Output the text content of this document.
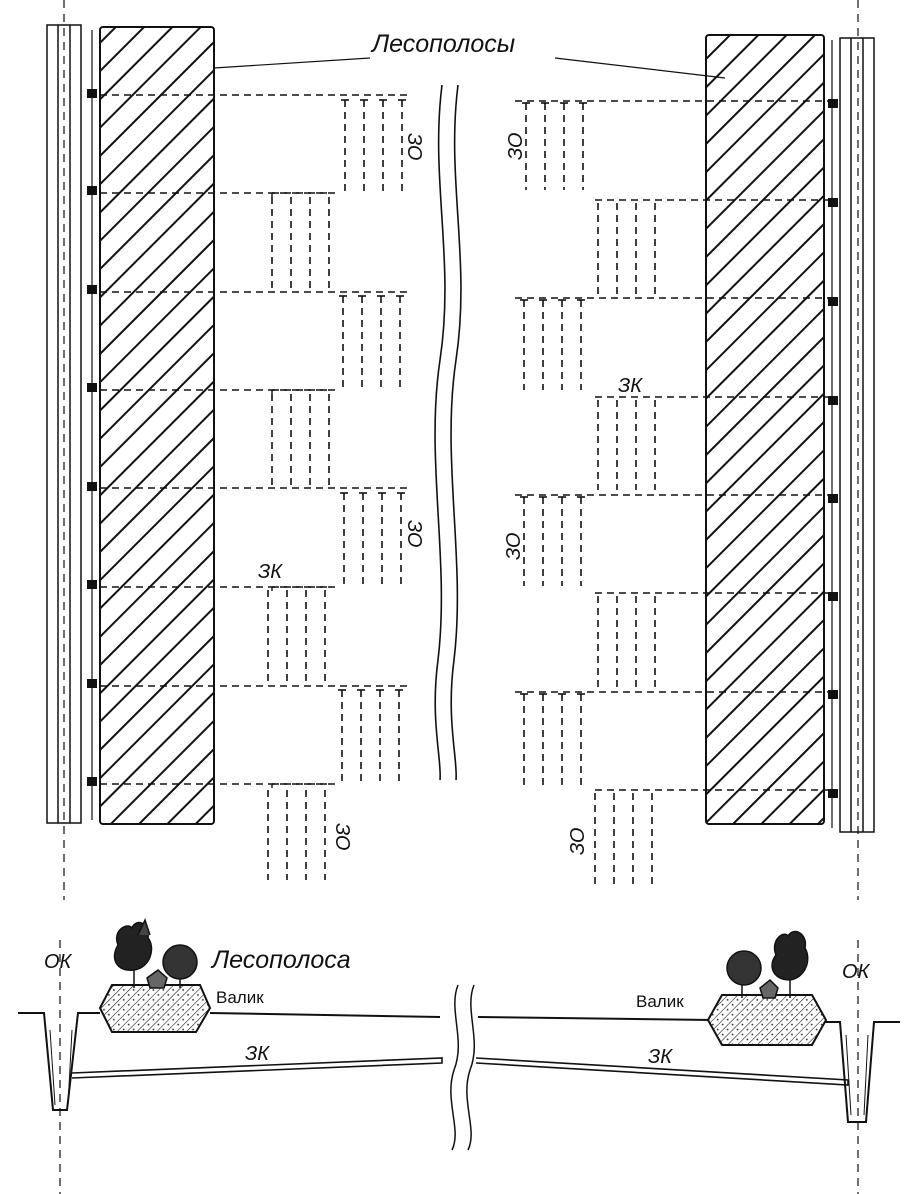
Лесополосы
ЗО
ЗО
ЗО
ЗО
ЗО
ЗО
ЗК
ЗК
Лесополоса
ОК	ОК
Валик	Валик
ЗК	ЗК
